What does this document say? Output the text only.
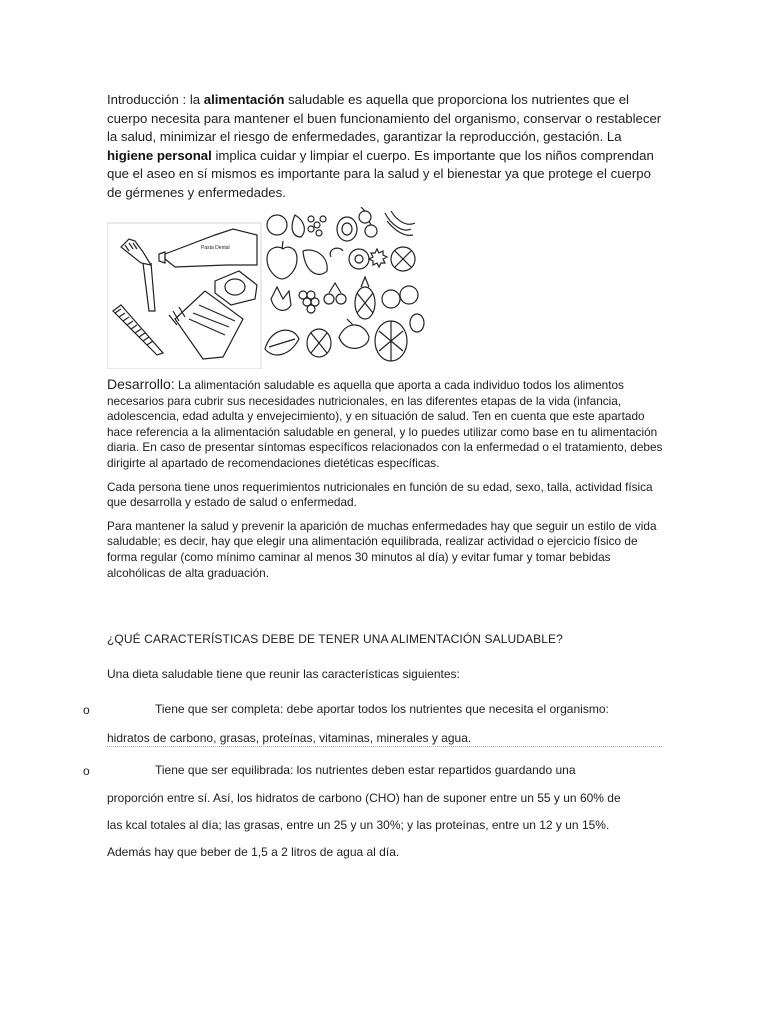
Introducción : la alimentación saludable es aquella que proporciona los nutrientes que el cuerpo necesita para mantener el buen funcionamiento del organismo, conservar o restablecer la salud, minimizar el riesgo de enfermedades, garantizar la reproducción, gestación. La higiene personal implica cuidar y limpiar el cuerpo. Es importante que los niños comprendan que el aseo en sí mismos es importante para la salud y el bienestar ya que protege el cuerpo de gérmenes y enfermedades.

Pasta Dental

Desarrollo: La alimentación saludable es aquella que aporta a cada individuo todos los alimentos necesarios para cubrir sus necesidades nutricionales, en las diferentes etapas de la vida (infancia, adolescencia, edad adulta y envejecimiento), y en situación de salud. Ten en cuenta que este apartado hace referencia a la alimentación saludable en general, y lo puedes utilizar como base en tu alimentación diaria. En caso de presentar síntomas específicos relacionados con la enfermedad o el tratamiento, debes dirigirte al apartado de recomendaciones dietéticas específicas.

Cada persona tiene unos requerimientos nutricionales en función de su edad, sexo, talla, actividad física que desarrolla y estado de salud o enfermedad.

Para mantener la salud y prevenir la aparición de muchas enfermedades hay que seguir un estilo de vida saludable; es decir, hay que elegir una alimentación equilibrada, realizar actividad o ejercicio físico de forma regular (como mínimo caminar al menos 30 minutos al día) y evitar fumar y tomar bebidas alcohólicas de alta graduación.

¿QUÉ CARACTERÍSTICAS DEBE DE TENER UNA ALIMENTACIÓN SALUDABLE?

Una dieta saludable tiene que reunir las características siguientes:

o	Tiene que ser completa: debe aportar todos los nutrientes que necesita el organismo:

hidratos de carbono, grasas, proteínas, vitaminas, minerales y agua.

o	Tiene que ser equilibrada: los nutrientes deben estar repartidos guardando una

proporción entre sí. Así, los hidratos de carbono (CHO) han de suponer entre un 55 y un 60% de

las kcal totales al día; las grasas, entre un 25 y un 30%; y las proteínas, entre un 12 y un 15%.

Además hay que beber de 1,5 a 2 litros de agua al día.
